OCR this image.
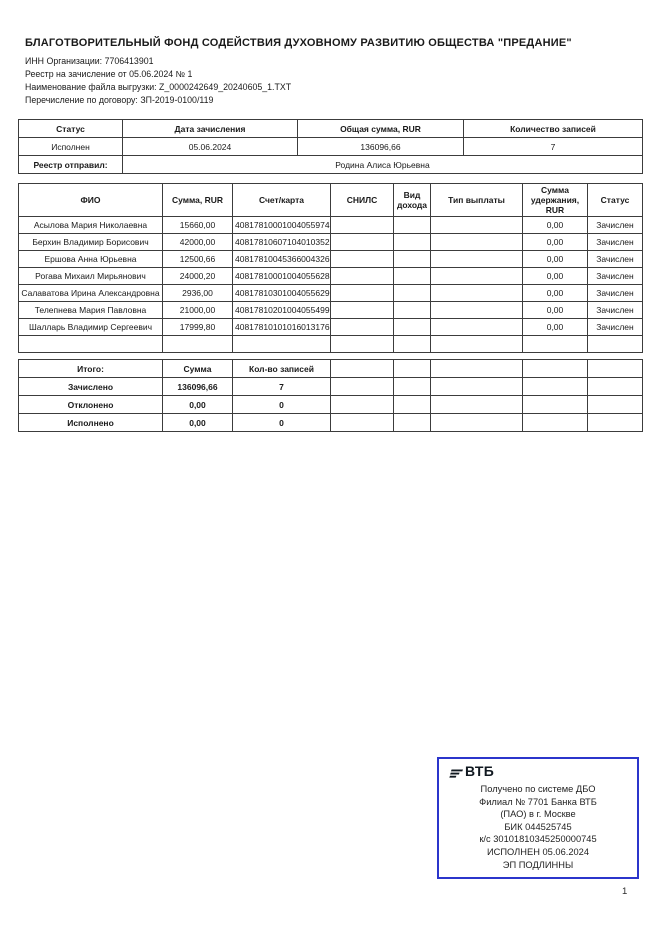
БЛАГОТВОРИТЕЛЬНЫЙ ФОНД СОДЕЙСТВИЯ ДУХОВНОМУ РАЗВИТИЮ ОБЩЕСТВА "ПРЕДАНИЕ"
ИНН Организации: 7706413901
Реестр на зачисление от 05.06.2024 № 1
Наименование файла выгрузки: Z_0000242649_20240605_1.TXT
Перечисление по договору: ЗП-2019-0100/119
Статус	Дата зачисления	Общая сумма, RUR	Количество записей
Исполнен	05.06.2024	136096,66	7
Реестр отправил:	Родина Алиса Юрьевна		
ФИО	Сумма, RUR	Счет/карта	СНИЛС	Вид дохода	Тип выплаты	Сумма удержания, RUR	Статус
Асылова Мария Николаевна	15660,00	40817810001004055974				0,00	Зачислен
Берхин Владимир Борисович	42000,00	40817810607104010352				0,00	Зачислен
Ершова Анна Юрьевна	12500,66	40817810045366004326				0,00	Зачислен
Рогава Михаил Мирьянович	24000,20	40817810001004055628				0,00	Зачислен
Салаватова Ирина Александровна	2936,00	40817810301004055629				0,00	Зачислен
Телепнева Мария Павловна	21000,00	40817810201004055499				0,00	Зачислен
Шалларь Владимир Сергеевич	17999,80	40817810101016013176				0,00	Зачислен

Итого:	Сумма	Кол-во записей					
Зачислено	136096,66	7					
Отклонено	0,00	0					
Исполнено	0,00	0					
ВТБ
Получено по системе ДБО
Филиал № 7701 Банка ВТБ
(ПАО) в г. Москве
БИК 044525745
к/с 30101810345250000745
ИСПОЛНЕН 05.06.2024
ЭП ПОДЛИННЫ
1
